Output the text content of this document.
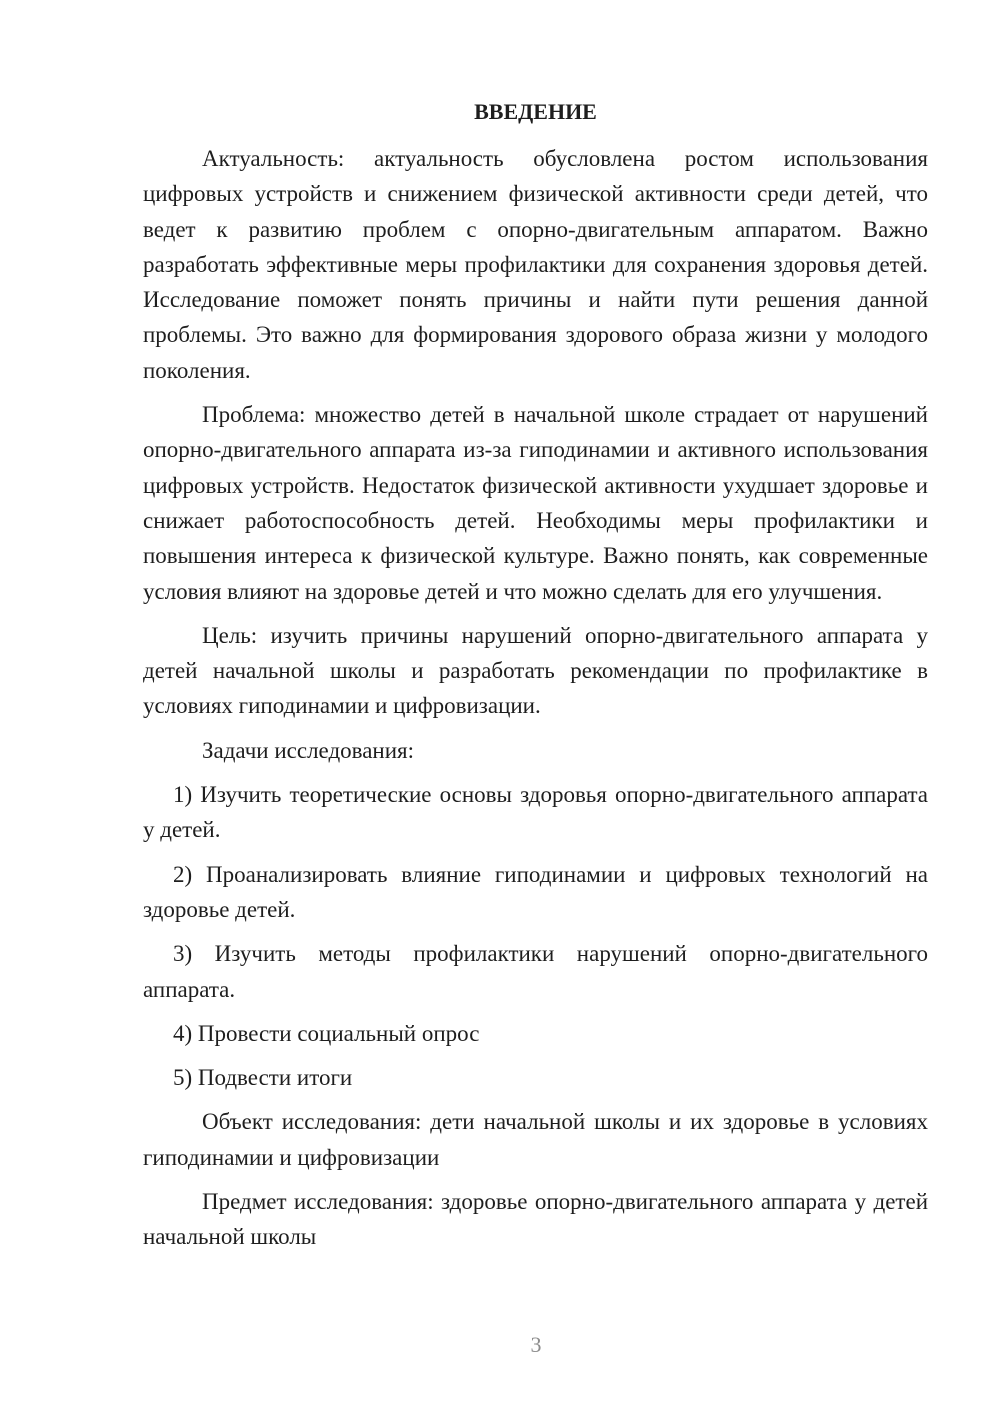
ВВЕДЕНИЕ

Актуальность: актуальность обусловлена ростом использования цифровых устройств и снижением физической активности среди детей, что ведет к развитию проблем с опорно-двигательным аппаратом. Важно разработать эффективные меры профилактики для сохранения здоровья детей. Исследование поможет понять причины и найти пути решения данной проблемы. Это важно для формирования здорового образа жизни у молодого поколения.

Проблема: множество детей в начальной школе страдает от нарушений опорно-двигательного аппарата из-за гиподинамии и активного использования цифровых устройств. Недостаток физической активности ухудшает здоровье и снижает работоспособность детей. Необходимы меры профилактики и повышения интереса к физической культуре. Важно понять, как современные условия влияют на здоровье детей и что можно сделать для его улучшения.

Цель: изучить причины нарушений опорно-двигательного аппарата у детей начальной школы и разработать рекомендации по профилактике в условиях гиподинамии и цифровизации.

Задачи исследования:

1) Изучить теоретические основы здоровья опорно-двигательного аппарата у детей.

2) Проанализировать влияние гиподинамии и цифровых технологий на здоровье детей.

3) Изучить методы профилактики нарушений опорно-двигательного аппарата.

4) Провести социальный опрос

5) Подвести итоги

Объект исследования: дети начальной школы и их здоровье в условиях гиподинамии и цифровизации

Предмет исследования: здоровье опорно-двигательного аппарата у детей начальной школы

3
